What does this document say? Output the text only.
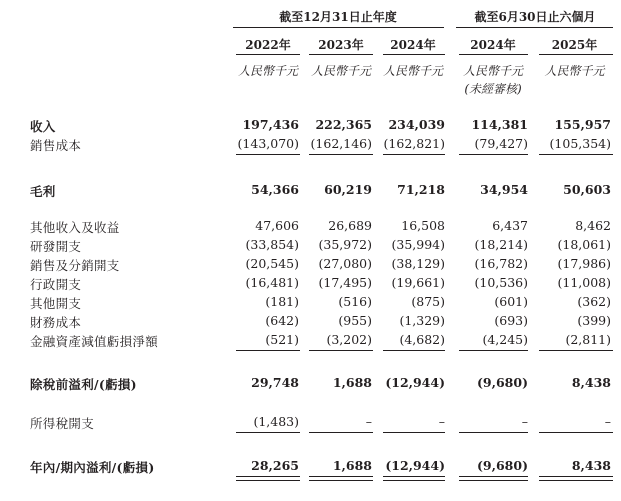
截至12月31日止年度	截至6月30日止六個月
2022年	2023年	2024年	2024年	2025年
人民幣千元	人民幣千元 人民幣千元	人民幣千元	人民幣千元
(未經審核)
收入	197,436	222,365	234,039	114,381	155,957
銷售成本	(143,070) (162,146) (162,821)	(79,427)	(105,354)
毛利	54,366	60,219	71,218	34,954	50,603
其他收入及收益	47,606	26,689	16,508	6,437	8,462
研發開支	(33,854)	(35,972)	(35,994)	(18,214)	(18,061)
銷售及分銷開支	(20,545)	(27,080)	(38,129)	(16,782)	(17,986)
行政開支	(16,481)	(17,495)	(19,661)	(10,536)	(11,008)
其他開支	(181)	(516)	(875)	(601)	(362)
財務成本	(642)	(955)	(1,329)	(693)	(399)
金融資產減值虧損淨額	(521)	(3,202)	(4,682)	(4,245)	(2,811)
除稅前溢利/(虧損)	29,748	1,688	(12,944)	(9,680)	8,438
所得稅開支	(1,483)	–	–	–	–
年內/期內溢利/(虧損)	28,265	1,688	(12,944)	(9,680)	8,438
